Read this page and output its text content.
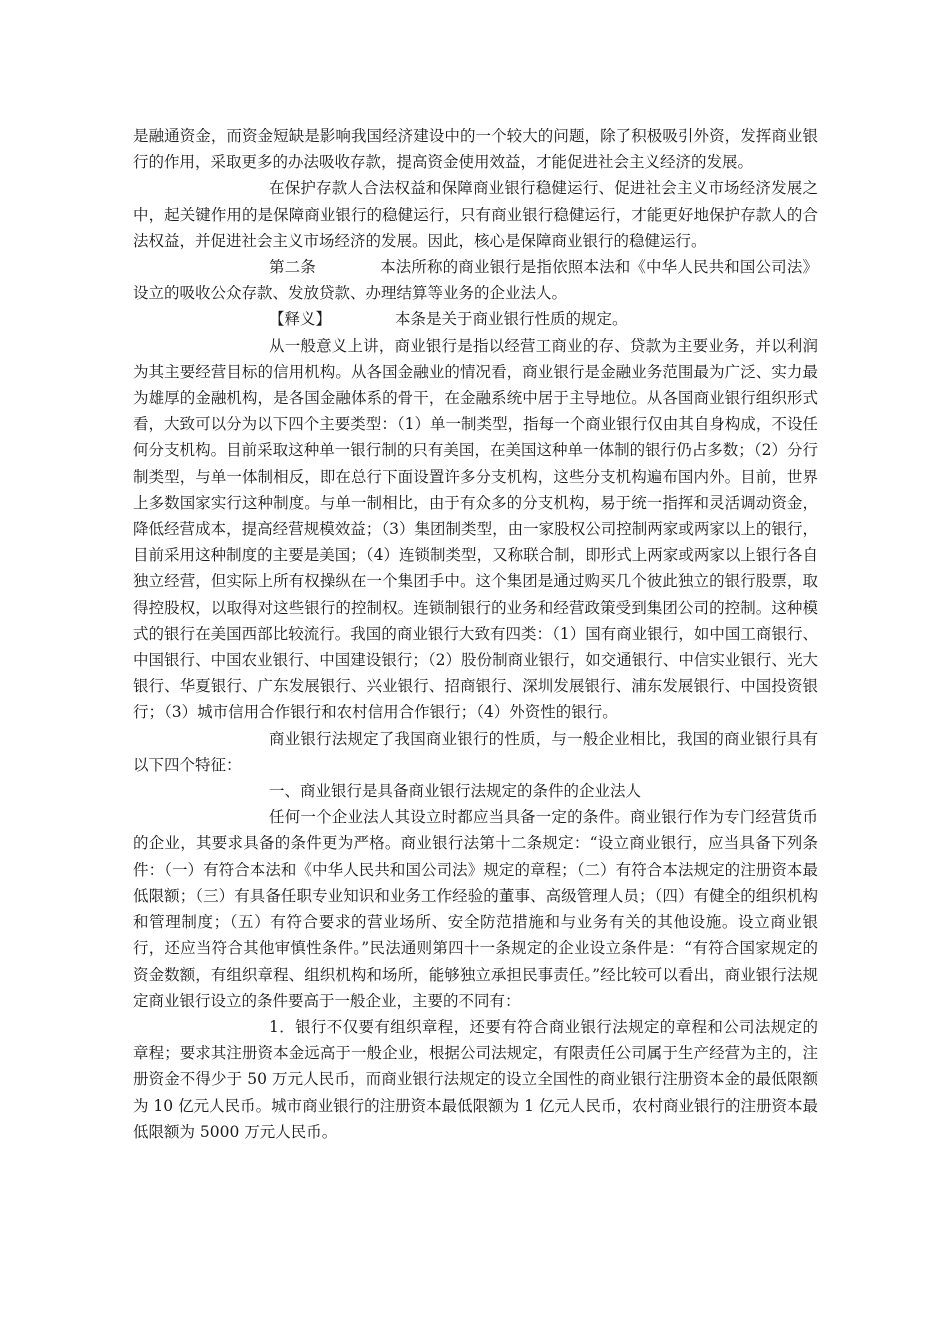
是融通资金，而资金短缺是影响我国经济建设中的一个较大的问题，除了积极吸引外资，发挥商业银行的作用，采取更多的办法吸收存款，提高资金使用效益，才能促进社会主义经济的发展。

在保护存款人合法权益和保障商业银行稳健运行、促进社会主义市场经济发展之中，起关键作用的是保障商业银行的稳健运行，只有商业银行稳健运行，才能更好地保护存款人的合法权益，并促进社会主义市场经济的发展。因此，核心是保障商业银行的稳健运行。

第二条	本法所称的商业银行是指依照本法和《中华人民共和国公司法》设立的吸收公众存款、发放贷款、办理结算等业务的企业法人。

【释义】	本条是关于商业银行性质的规定。

从一般意义上讲，商业银行是指以经营工商业的存、贷款为主要业务，并以利润为其主要经营目标的信用机构。从各国金融业的情况看，商业银行是金融业务范围最为广泛、实力最为雄厚的金融机构，是各国金融体系的骨干，在金融系统中居于主导地位。从各国商业银行组织形式看，大致可以分为以下四个主要类型：（1）单一制类型，指每一个商业银行仅由其自身构成，不设任何分支机构。目前采取这种单一银行制的只有美国，在美国这种单一体制的银行仍占多数；（2）分行制类型，与单一体制相反，即在总行下面设置许多分支机构，这些分支机构遍布国内外。目前，世界上多数国家实行这种制度。与单一制相比，由于有众多的分支机构，易于统一指挥和灵活调动资金，降低经营成本，提高经营规模效益；（3）集团制类型，由一家股权公司控制两家或两家以上的银行，目前采用这种制度的主要是美国；（4）连锁制类型，又称联合制，即形式上两家或两家以上银行各自独立经营，但实际上所有权操纵在一个集团手中。这个集团是通过购买几个彼此独立的银行股票，取得控股权，以取得对这些银行的控制权。连锁制银行的业务和经营政策受到集团公司的控制。这种模式的银行在美国西部比较流行。我国的商业银行大致有四类：（1）国有商业银行，如中国工商银行、中国银行、中国农业银行、中国建设银行；（2）股份制商业银行，如交通银行、中信实业银行、光大银行、华夏银行、广东发展银行、兴业银行、招商银行、深圳发展银行、浦东发展银行、中国投资银行；（3）城市信用合作银行和农村信用合作银行；（4）外资性的银行。

商业银行法规定了我国商业银行的性质，与一般企业相比，我国的商业银行具有以下四个特征：

一、商业银行是具备商业银行法规定的条件的企业法人

任何一个企业法人其设立时都应当具备一定的条件。商业银行作为专门经营货币的企业，其要求具备的条件更为严格。商业银行法第十二条规定：“设立商业银行，应当具备下列条件：（一）有符合本法和《中华人民共和国公司法》规定的章程；（二）有符合本法规定的注册资本最低限额；（三）有具备任职专业知识和业务工作经验的董事、高级管理人员；（四）有健全的组织机构和管理制度；（五）有符合要求的营业场所、安全防范措施和与业务有关的其他设施。设立商业银行，还应当符合其他审慎性条件。”民法通则第四十一条规定的企业设立条件是：“有符合国家规定的资金数额，有组织章程、组织机构和场所，能够独立承担民事责任。”经比较可以看出，商业银行法规定商业银行设立的条件要高于一般企业，主要的不同有：

1．银行不仅要有组织章程，还要有符合商业银行法规定的章程和公司法规定的章程；要求其注册资本金远高于一般企业，根据公司法规定，有限责任公司属于生产经营为主的，注册资金不得少于 50 万元人民币，而商业银行法规定的设立全国性的商业银行注册资本金的最低限额为 10 亿元人民币。城市商业银行的注册资本最低限额为 1 亿元人民币，农村商业银行的注册资本最低限额为 5000 万元人民币。
